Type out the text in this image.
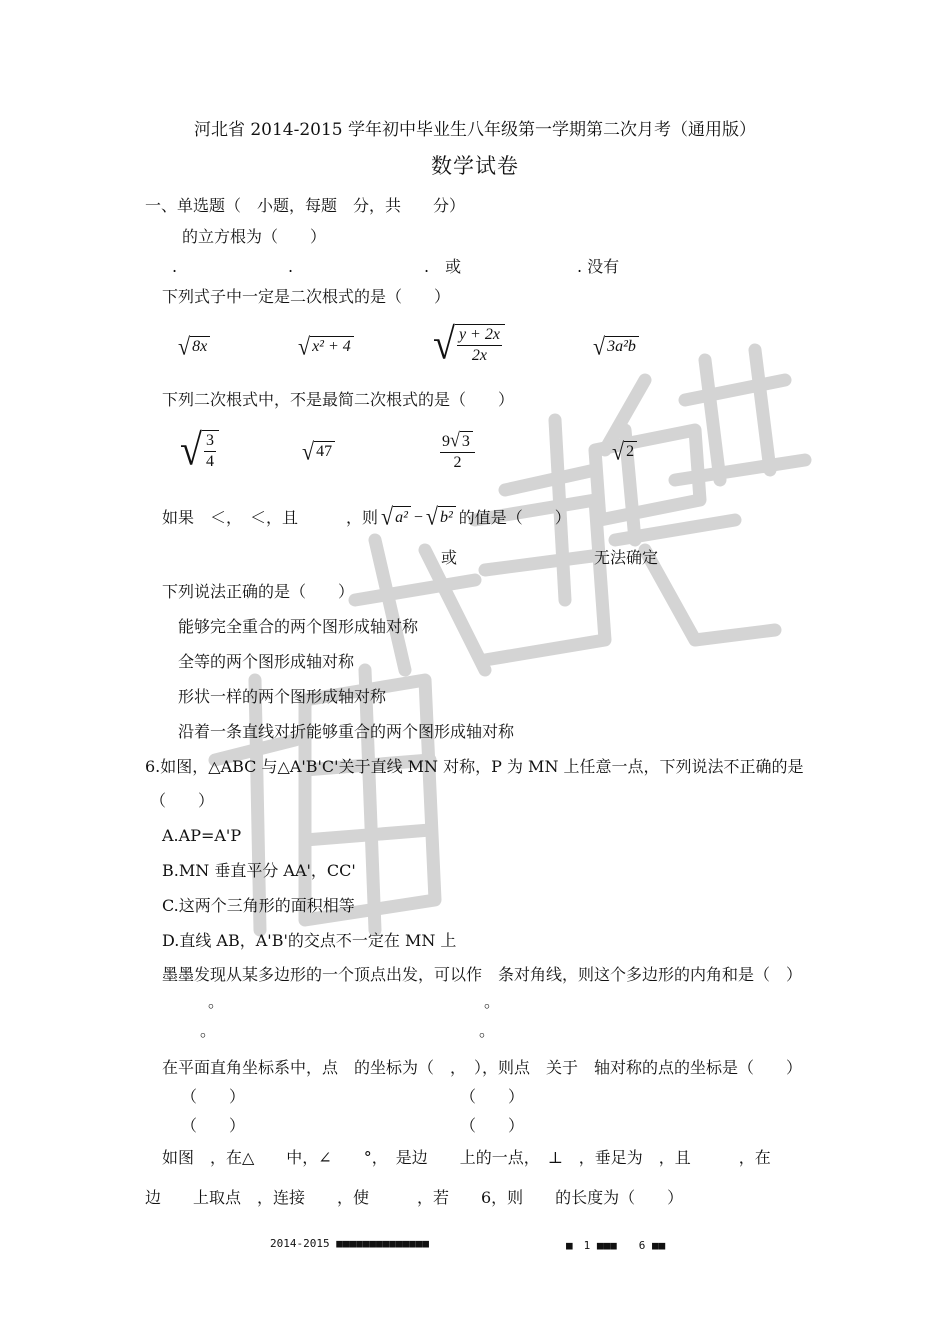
河北省 2014-2015 学年初中毕业生八年级第一学期第二次月考（通用版）
数学试卷
一、单选题（　小题，每题　分，共　　分）
的立方根为（　　）
.	.	.　或	. 没有
下列式子中一定是二次根式的是（　　）
√ 8x	√ x² + 4 √ $\frac{y + 2x}{2x}$	√ 3a²b
下列二次根式中，不是最简二次根式的是（　　）
√ $\frac{3}{4}$	√ 47	$\frac{9 √ 3}{2}$	√ 2
如果　＜，　＜，且　　　，则 √ a² − √ b² 的值是（　　）
或	无法确定
下列说法正确的是（　　）
能够完全重合的两个图形成轴对称
全等的两个图形成轴对称
形状一样的两个图形成轴对称
沿着一条直线对折能够重合的两个图形成轴对称
6.如图，△ABC 与△A'B'C'关于直线 MN 对称，P 为 MN 上任意一点，下列说法不正确的是
（　　）
A.AP=A'P
B.MN 垂直平分 AA'，CC'
C.这两个三角形的面积相等
D.直线 AB，A'B'的交点不一定在 MN 上
墨墨发现从某多边形的一个顶点出发，可以作　条对角线，则这个多边形的内角和是（　）
。	。
。	。
在平面直角坐标系中，点　的坐标为（　，　），则点　关于　轴对称的点的坐标是（　　）
（　　）	（　　）
（　　）	（　　）
如图　，在△　　中，∠　　°，　是边　　上的一点，　⊥　，垂足为　，且　　　，在
边　　上取点　，连接　　，使　　　，若　　6，则　　的长度为（　　）
2014-2015 ■■■■■■■■■■■■■■	■　1 ■■■　　6 ■■
